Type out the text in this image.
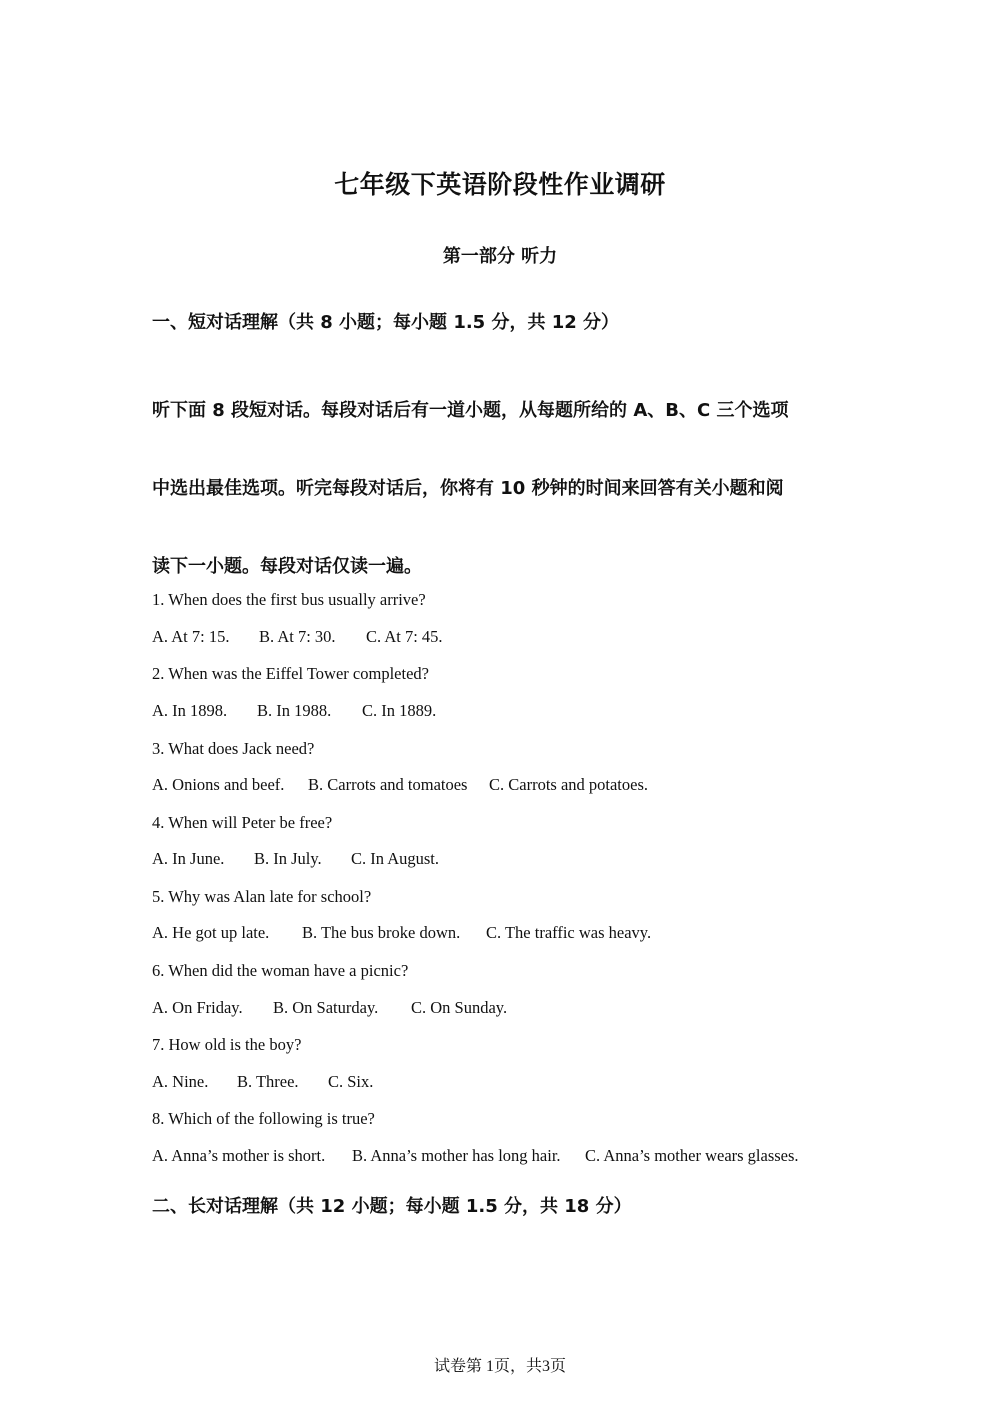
七年级下英语阶段性作业调研
第一部分 听力
一、短对话理解（共 8 小题；每小题 1.5 分，共 12 分）
听下面 8 段短对话。每段对话后有一道小题，从每题所给的 A、B、C 三个选项
中选出最佳选项。听完每段对话后，你将有 10 秒钟的时间来回答有关小题和阅
读下一小题。每段对话仅读一遍。
1. When does the first bus usually arrive?
A. At 7: 15. B. At 7: 30. C. At 7: 45.
2. When was the Eiffel Tower completed?
A. In 1898. B. In 1988. C. In 1889.
3. What does Jack need?
A. Onions and beef. B. Carrots and tomatoes C. Carrots and potatoes.
4. When will Peter be free?
A. In June. B. In July. C. In August.
5. Why was Alan late for school?
A. He got up late. B. The bus broke down. C. The traffic was heavy.
6. When did the woman have a picnic?
A. On Friday. B. On Saturday. C. On Sunday.
7. How old is the boy?
A. Nine. B. Three. C. Six.
8. Which of the following is true?
A. Anna’s mother is short. B. Anna’s mother has long hair. C. Anna’s mother wears glasses.
二、长对话理解（共 12 小题；每小题 1.5 分，共 18 分）
试卷第 1页，共3页
